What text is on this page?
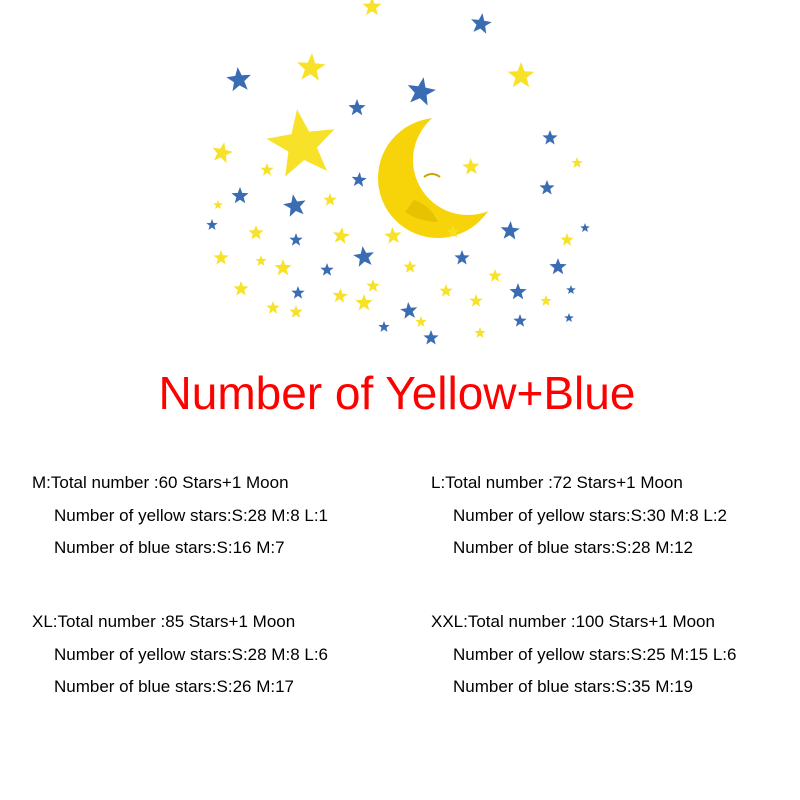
Number of Yellow+Blue
M:Total number :60 Stars+1 Moon
Number of yellow stars:S:28 M:8 L:1
Number of blue stars:S:16 M:7
L:Total number :72 Stars+1 Moon
Number of yellow stars:S:30 M:8 L:2
Number of blue stars:S:28 M:12
XL:Total number :85 Stars+1 Moon
Number of yellow stars:S:28 M:8 L:6
Number of blue stars:S:26 M:17
XXL:Total number :100 Stars+1 Moon
Number of yellow stars:S:25 M:15 L:6
Number of blue stars:S:35 M:19
